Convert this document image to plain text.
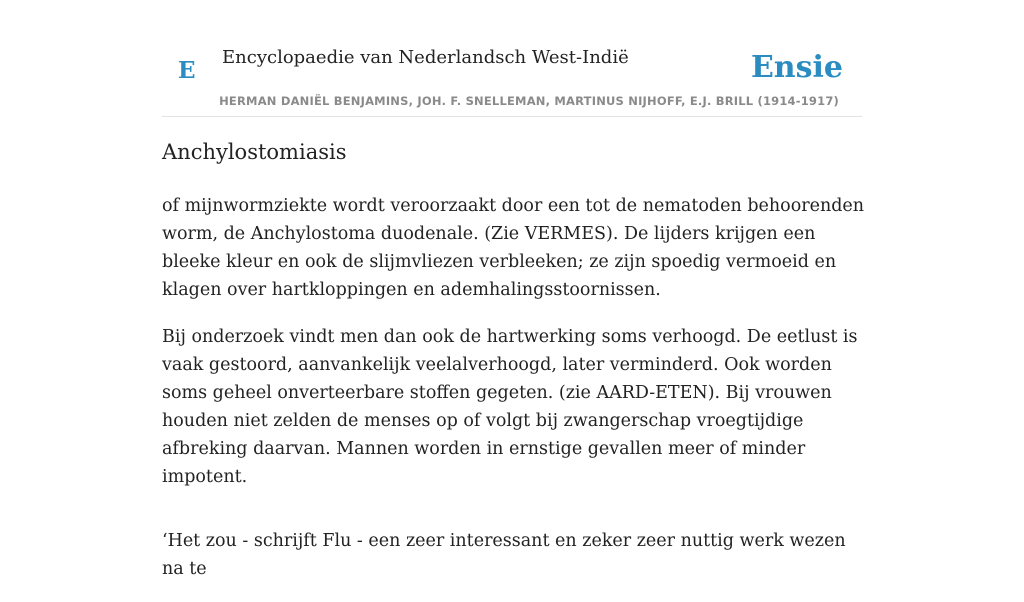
E Encyclopaedie van Nederlandsch West-Indië	Ensie
HERMAN DANIËL BENJAMINS, JOH. F. SNELLEMAN, MARTINUS NIJHOFF, E.J. BRILL (1914-1917)
Anchylostomiasis

of mijnwormziekte wordt veroorzaakt door een tot de nematoden behoorenden worm, de Anchylostoma duodenale. (Zie VERMES). De lijders krijgen een bleeke kleur en ook de slijmvliezen verbleeken; ze zijn spoedig vermoeid en klagen over hartkloppingen en ademhalingsstoornissen.

Bij onderzoek vindt men dan ook de hartwerking soms verhoogd. De eetlust is vaak gestoord, aanvankelijk veelalverhoogd, later verminderd. Ook worden soms geheel onverteerbare stoffen gegeten. (zie AARD-ETEN). Bij vrouwen houden niet zelden de menses op of volgt bij zwangerschap vroegtijdige afbreking daarvan. Mannen worden in ernstige gevallen meer of minder impotent.

‘Het zou - schrijft Flu - een zeer interessant en zeker zeer nuttig werk wezen na te
